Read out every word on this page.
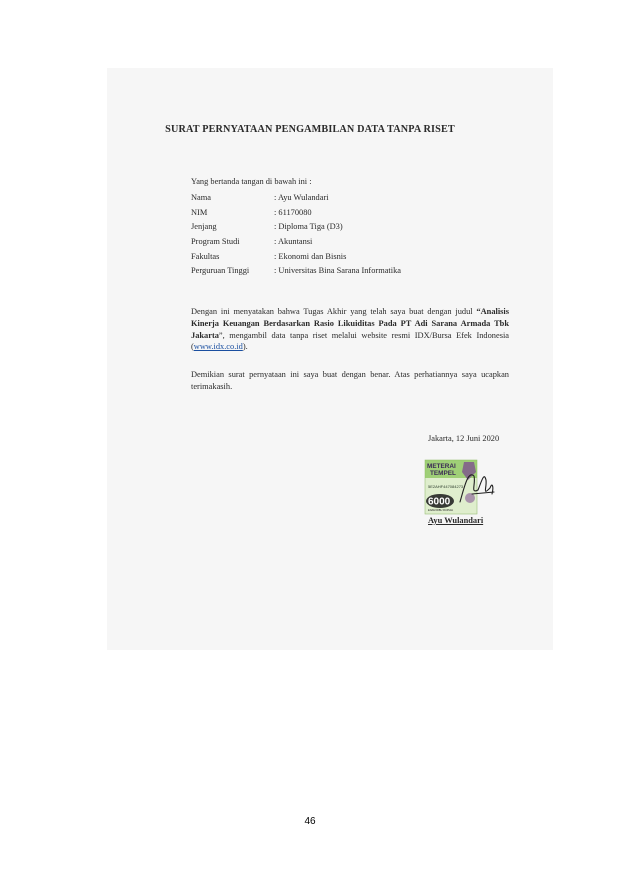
SURAT PERNYATAAN PENGAMBILAN DATA TANPA RISET
Yang bertanda tangan di bawah ini :
Nama	: Ayu Wulandari
NIM	: 61170080
Jenjang	: Diploma Tiga (D3)
Program Studi	: Akuntansi
Fakultas	: Ekonomi dan Bisnis
Perguruan Tinggi	: Universitas Bina Sarana Informatika
Dengan ini menyatakan bahwa Tugas Akhir yang telah saya buat dengan judul “Analisis Kinerja Keuangan Berdasarkan Rasio Likuiditas Pada PT Adi Sarana Armada Tbk Jakarta”, mengambil data tanpa riset melalui website resmi IDX/Bursa Efek Indonesia (www.idx.co.id).
Demikian surat pernyataan ini saya buat dengan benar. Atas perhatiannya saya ucapkan terimakasih.
Jakarta, 12 Juni 2020
METERAI
TEMPEL
5E2AHF447084273
6000
ENAM RIBU RUPIAH
Ayu Wulandari
46
